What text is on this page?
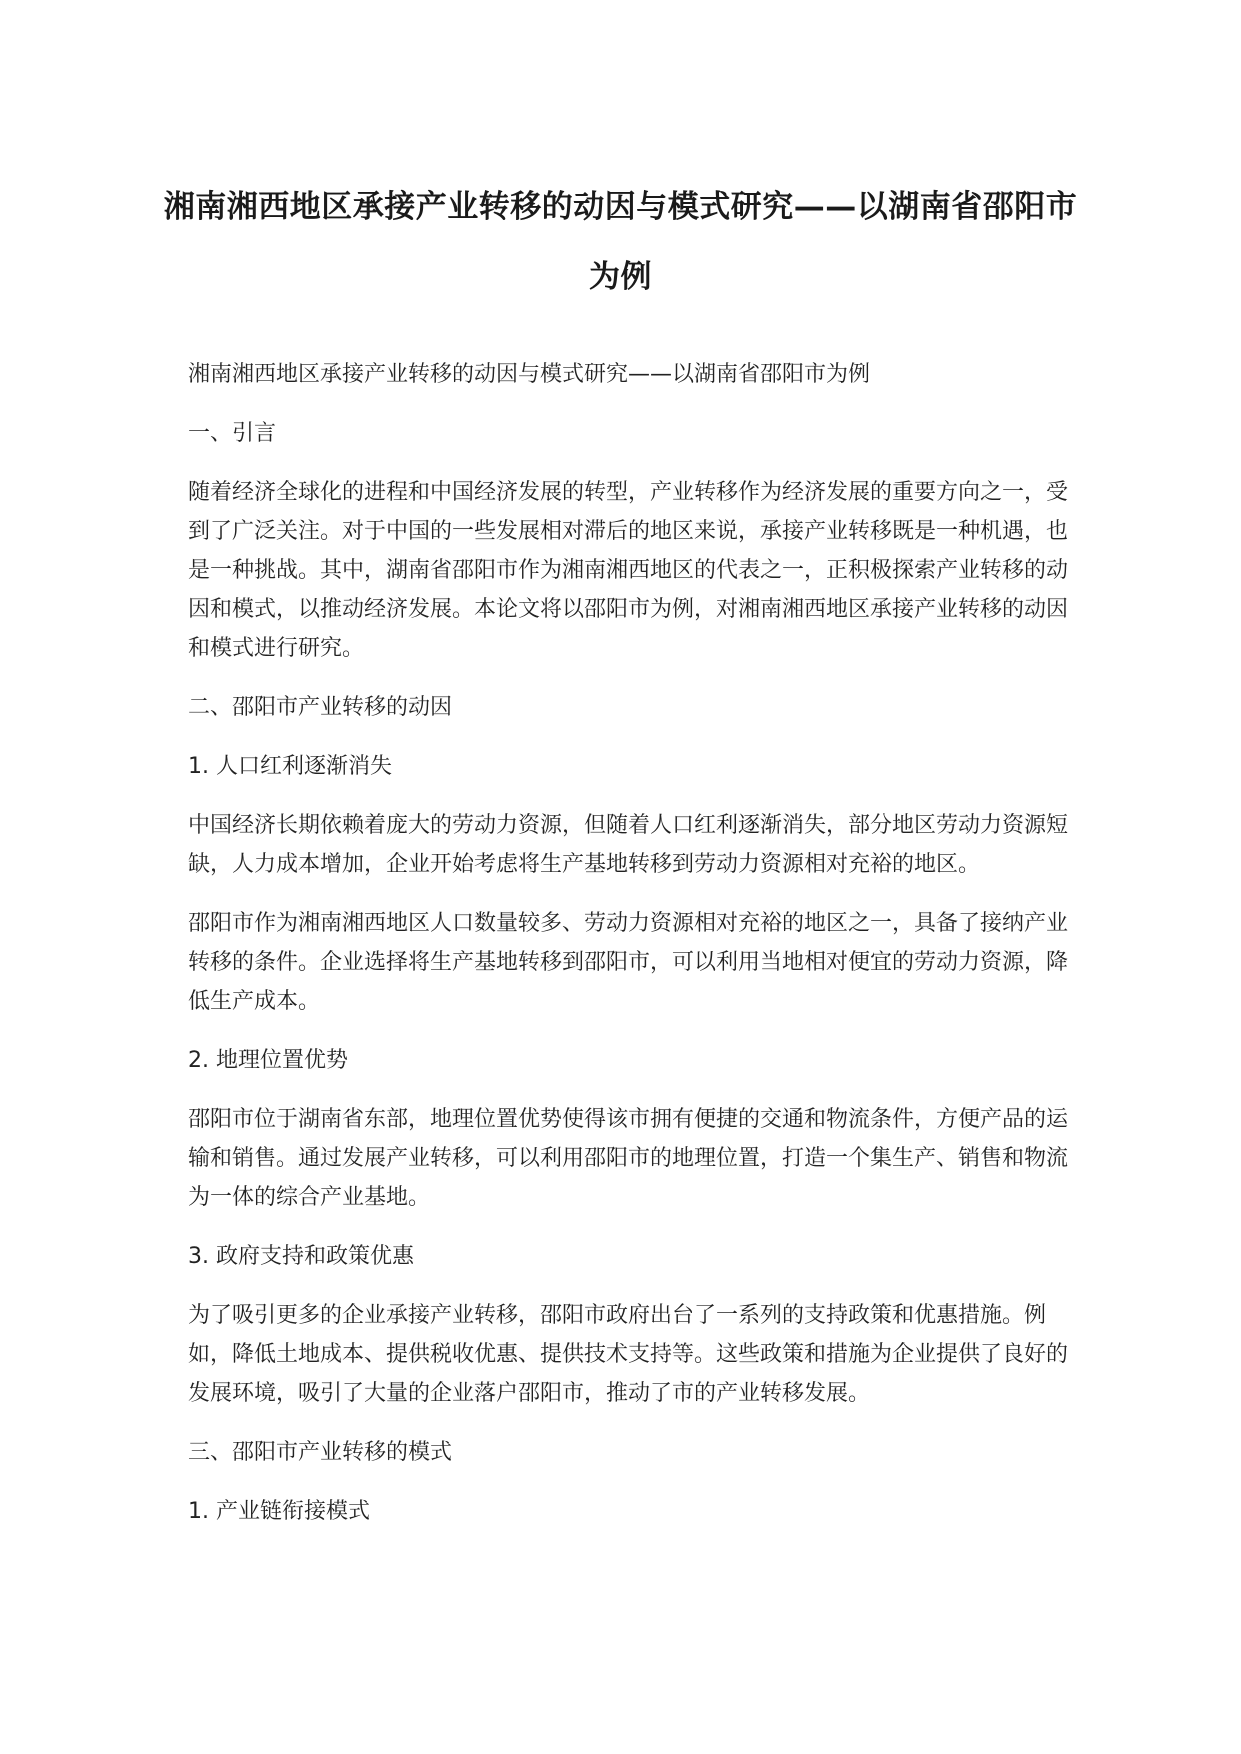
湘南湘西地区承接产业转移的动因与模式研究——以湖南省邵阳市为例

湘南湘西地区承接产业转移的动因与模式研究——以湖南省邵阳市为例

一、引言

随着经济全球化的进程和中国经济发展的转型，产业转移作为经济发展的重要方向之一，受到了广泛关注。对于中国的一些发展相对滞后的地区来说，承接产业转移既是一种机遇，也是一种挑战。其中，湖南省邵阳市作为湘南湘西地区的代表之一，正积极探索产业转移的动因和模式，以推动经济发展。本论文将以邵阳市为例，对湘南湘西地区承接产业转移的动因和模式进行研究。

二、邵阳市产业转移的动因

1. 人口红利逐渐消失

中国经济长期依赖着庞大的劳动力资源，但随着人口红利逐渐消失，部分地区劳动力资源短缺，人力成本增加，企业开始考虑将生产基地转移到劳动力资源相对充裕的地区。

邵阳市作为湘南湘西地区人口数量较多、劳动力资源相对充裕的地区之一，具备了接纳产业转移的条件。企业选择将生产基地转移到邵阳市，可以利用当地相对便宜的劳动力资源，降低生产成本。

2. 地理位置优势

邵阳市位于湖南省东部，地理位置优势使得该市拥有便捷的交通和物流条件，方便产品的运输和销售。通过发展产业转移，可以利用邵阳市的地理位置，打造一个集生产、销售和物流为一体的综合产业基地。

3. 政府支持和政策优惠

为了吸引更多的企业承接产业转移，邵阳市政府出台了一系列的支持政策和优惠措施。例如，降低土地成本、提供税收优惠、提供技术支持等。这些政策和措施为企业提供了良好的发展环境，吸引了大量的企业落户邵阳市，推动了市的产业转移发展。

三、邵阳市产业转移的模式

1. 产业链衔接模式
